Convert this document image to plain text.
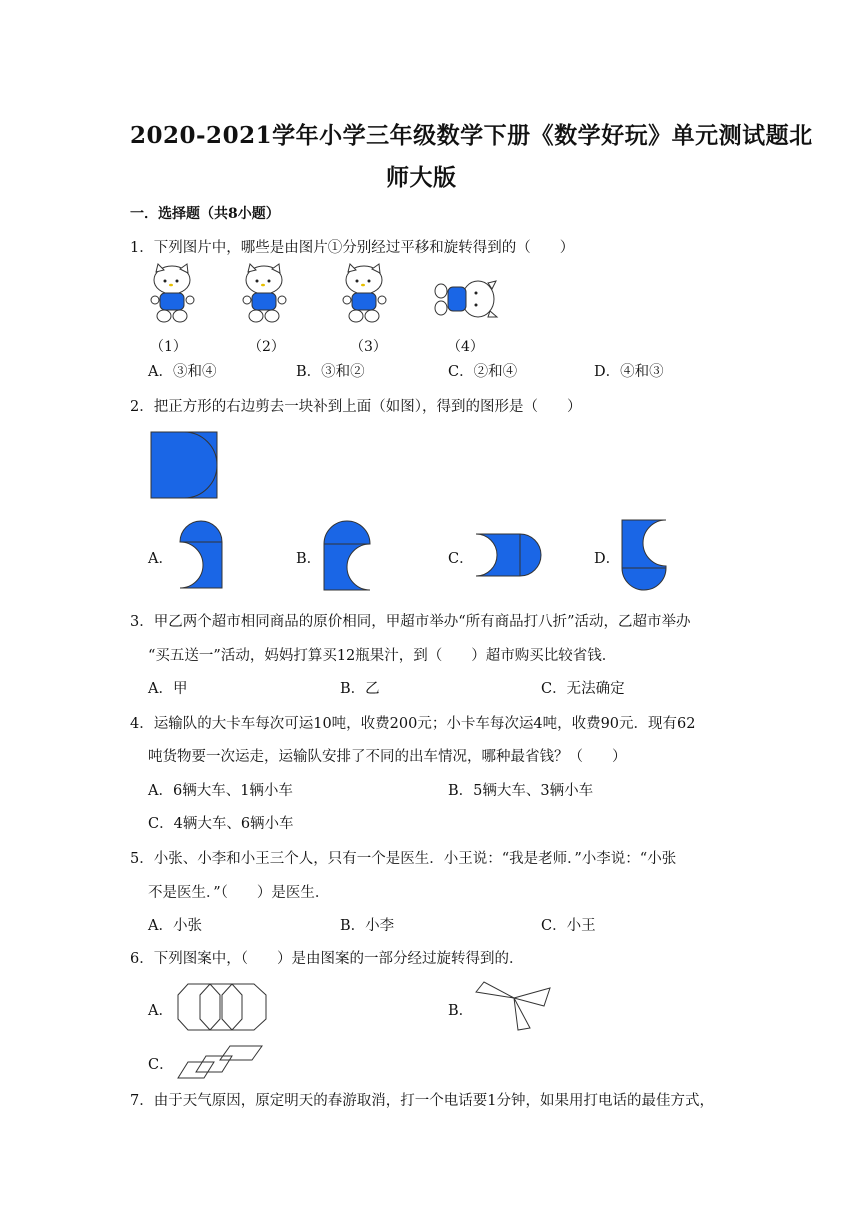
2020-2021学年小学三年级数学下册《数学好玩》单元测试题北
师大版
一．选择题（共8小题）
1．下列图片中，哪些是由图片①分别经过平移和旋转得到的（　　）
（1）	（2）	（3）	（4）
A．③和④	B．③和②	C．②和④	D．④和③
2．把正方形的右边剪去一块补到上面（如图），得到的图形是（　　）
A．	B．	C．	D．
3．甲乙两个超市相同商品的原价相同，甲超市举办“所有商品打八折”活动，乙超市举办
“买五送一”活动，妈妈打算买12瓶果汁，到（　　）超市购买比较省钱．
A．甲	B．乙	C．无法确定
4．运输队的大卡车每次可运10吨，收费200元；小卡车每次运4吨，收费90元．现有62
吨货物要一次运走，运输队安排了不同的出车情况，哪种最省钱？（　　）
A．6辆大车、1辆小车	B．5辆大车、3辆小车
C．4辆大车、6辆小车
5．小张、小李和小王三个人，只有一个是医生．小王说：“我是老师．”小李说：“小张
不是医生．”（　　）是医生．
A．小张	B．小李	C．小王
6．下列图案中，（　　）是由图案的一部分经过旋转得到的．
A．	B．
C．
7．由于天气原因，原定明天的春游取消，打一个电话要1分钟，如果用打电话的最佳方式，
